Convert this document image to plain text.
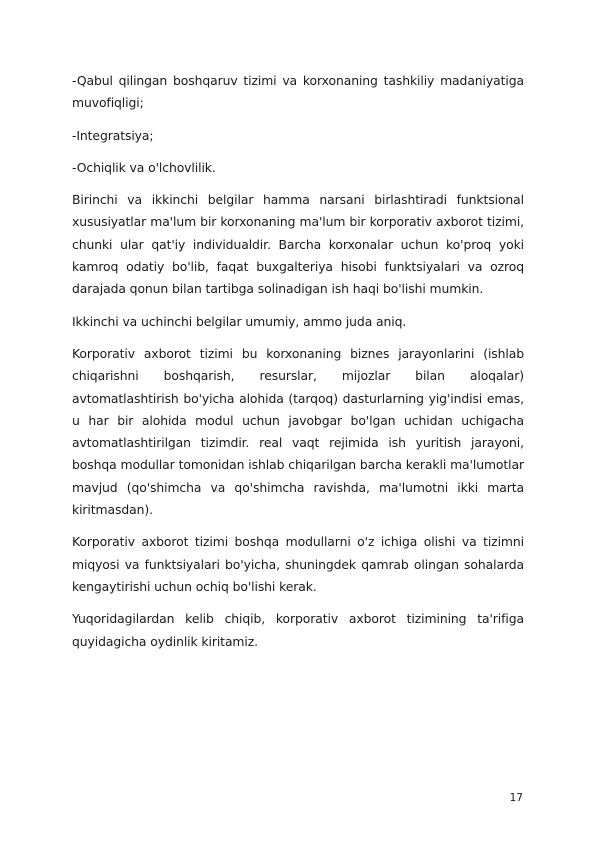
-Qabul qilingan boshqaruv tizimi va korxonaning tashkiliy madaniyatiga muvofiqligi;

-Integratsiya;

-Ochiqlik va o'lchovlilik.

Birinchi va ikkinchi belgilar hamma narsani birlashtiradi funktsional xususiyatlar ma'lum bir korxonaning ma'lum bir korporativ axborot tizimi, chunki ular qat'iy individualdir. Barcha korxonalar uchun ko'proq yoki kamroq odatiy bo'lib, faqat buxgalteriya hisobi funktsiyalari va ozroq darajada qonun bilan tartibga solinadigan ish haqi bo'lishi mumkin.

Ikkinchi va uchinchi belgilar umumiy, ammo juda aniq.

Korporativ axborot tizimi bu korxonaning biznes jarayonlarini (ishlab chiqarishni boshqarish, resurslar, mijozlar bilan aloqalar) avtomatlashtirish bo'yicha alohida (tarqoq) dasturlarning yig'indisi emas, u har bir alohida modul uchun javobgar bo'lgan uchidan uchigacha avtomatlashtirilgan tizimdir. real vaqt rejimida ish yuritish jarayoni, boshqa modullar tomonidan ishlab chiqarilgan barcha kerakli ma'lumotlar mavjud (qo'shimcha va qo'shimcha ravishda, ma'lumotni ikki marta kiritmasdan).

Korporativ axborot tizimi boshqa modullarni o'z ichiga olishi va tizimni miqyosi va funktsiyalari bo'yicha, shuningdek qamrab olingan sohalarda kengaytirishi uchun ochiq bo'lishi kerak.

Yuqoridagilardan kelib chiqib, korporativ axborot tizimining ta'rifiga quyidagicha oydinlik kiritamiz.

17
